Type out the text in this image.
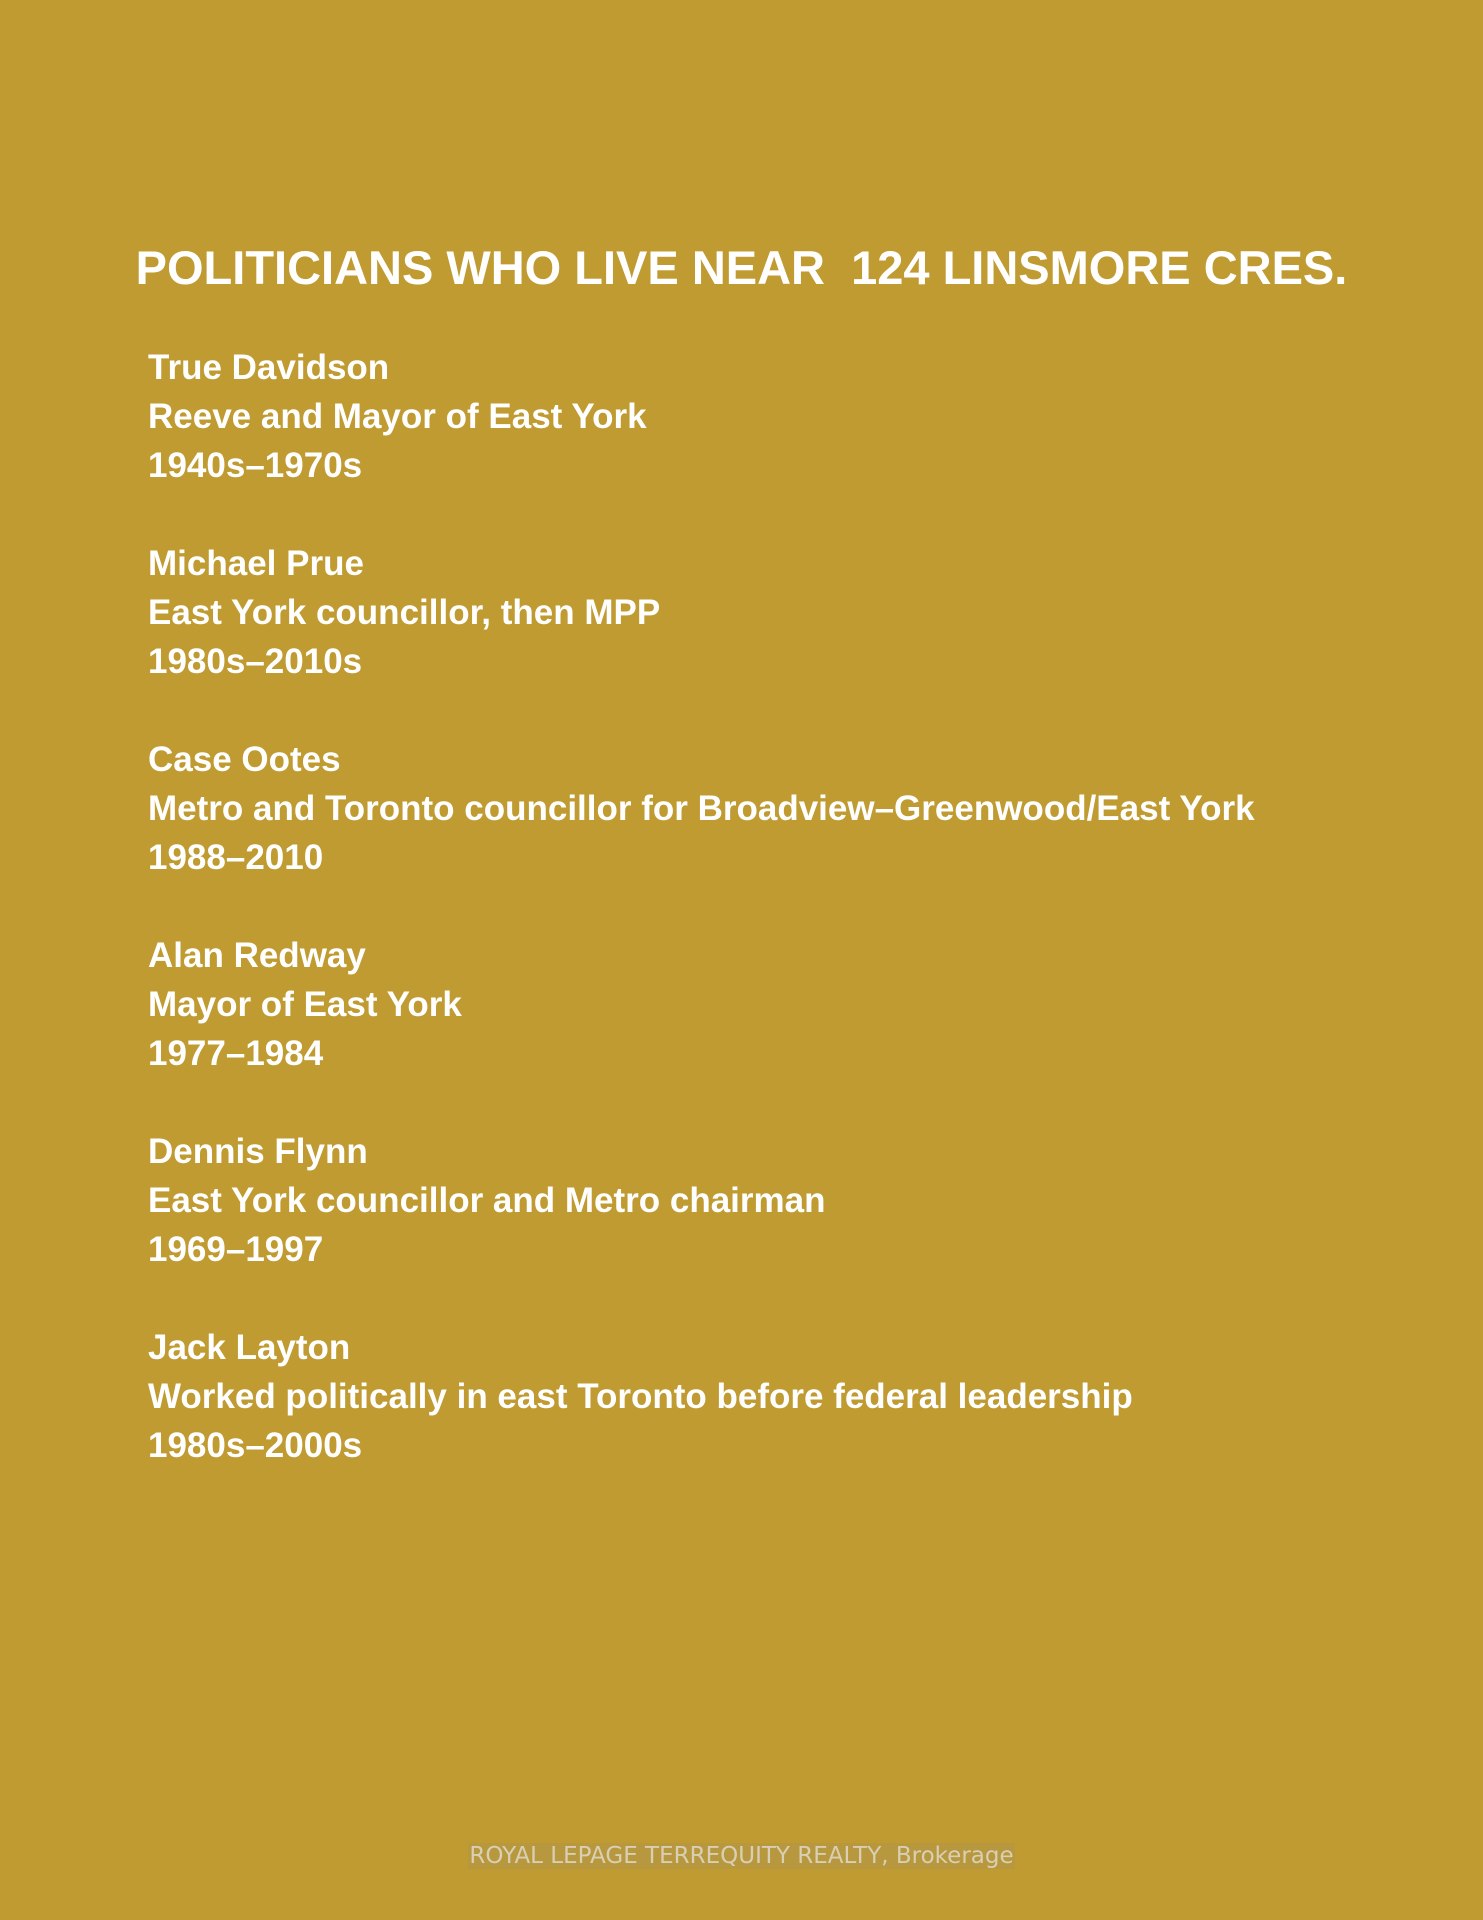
POLITICIANS WHO LIVE NEAR  124 LINSMORE CRES.
True Davidson
Reeve and Mayor of East York
1940s–1970s
Michael Prue
East York councillor, then MPP
1980s–2010s
Case Ootes
Metro and Toronto councillor for Broadview–Greenwood/East York
1988–2010
Alan Redway
Mayor of East York
1977–1984
Dennis Flynn
East York councillor and Metro chairman
1969–1997
Jack Layton
Worked politically in east Toronto before federal leadership
1980s–2000s
ROYAL LEPAGE TERREQUITY REALTY, Brokerage
